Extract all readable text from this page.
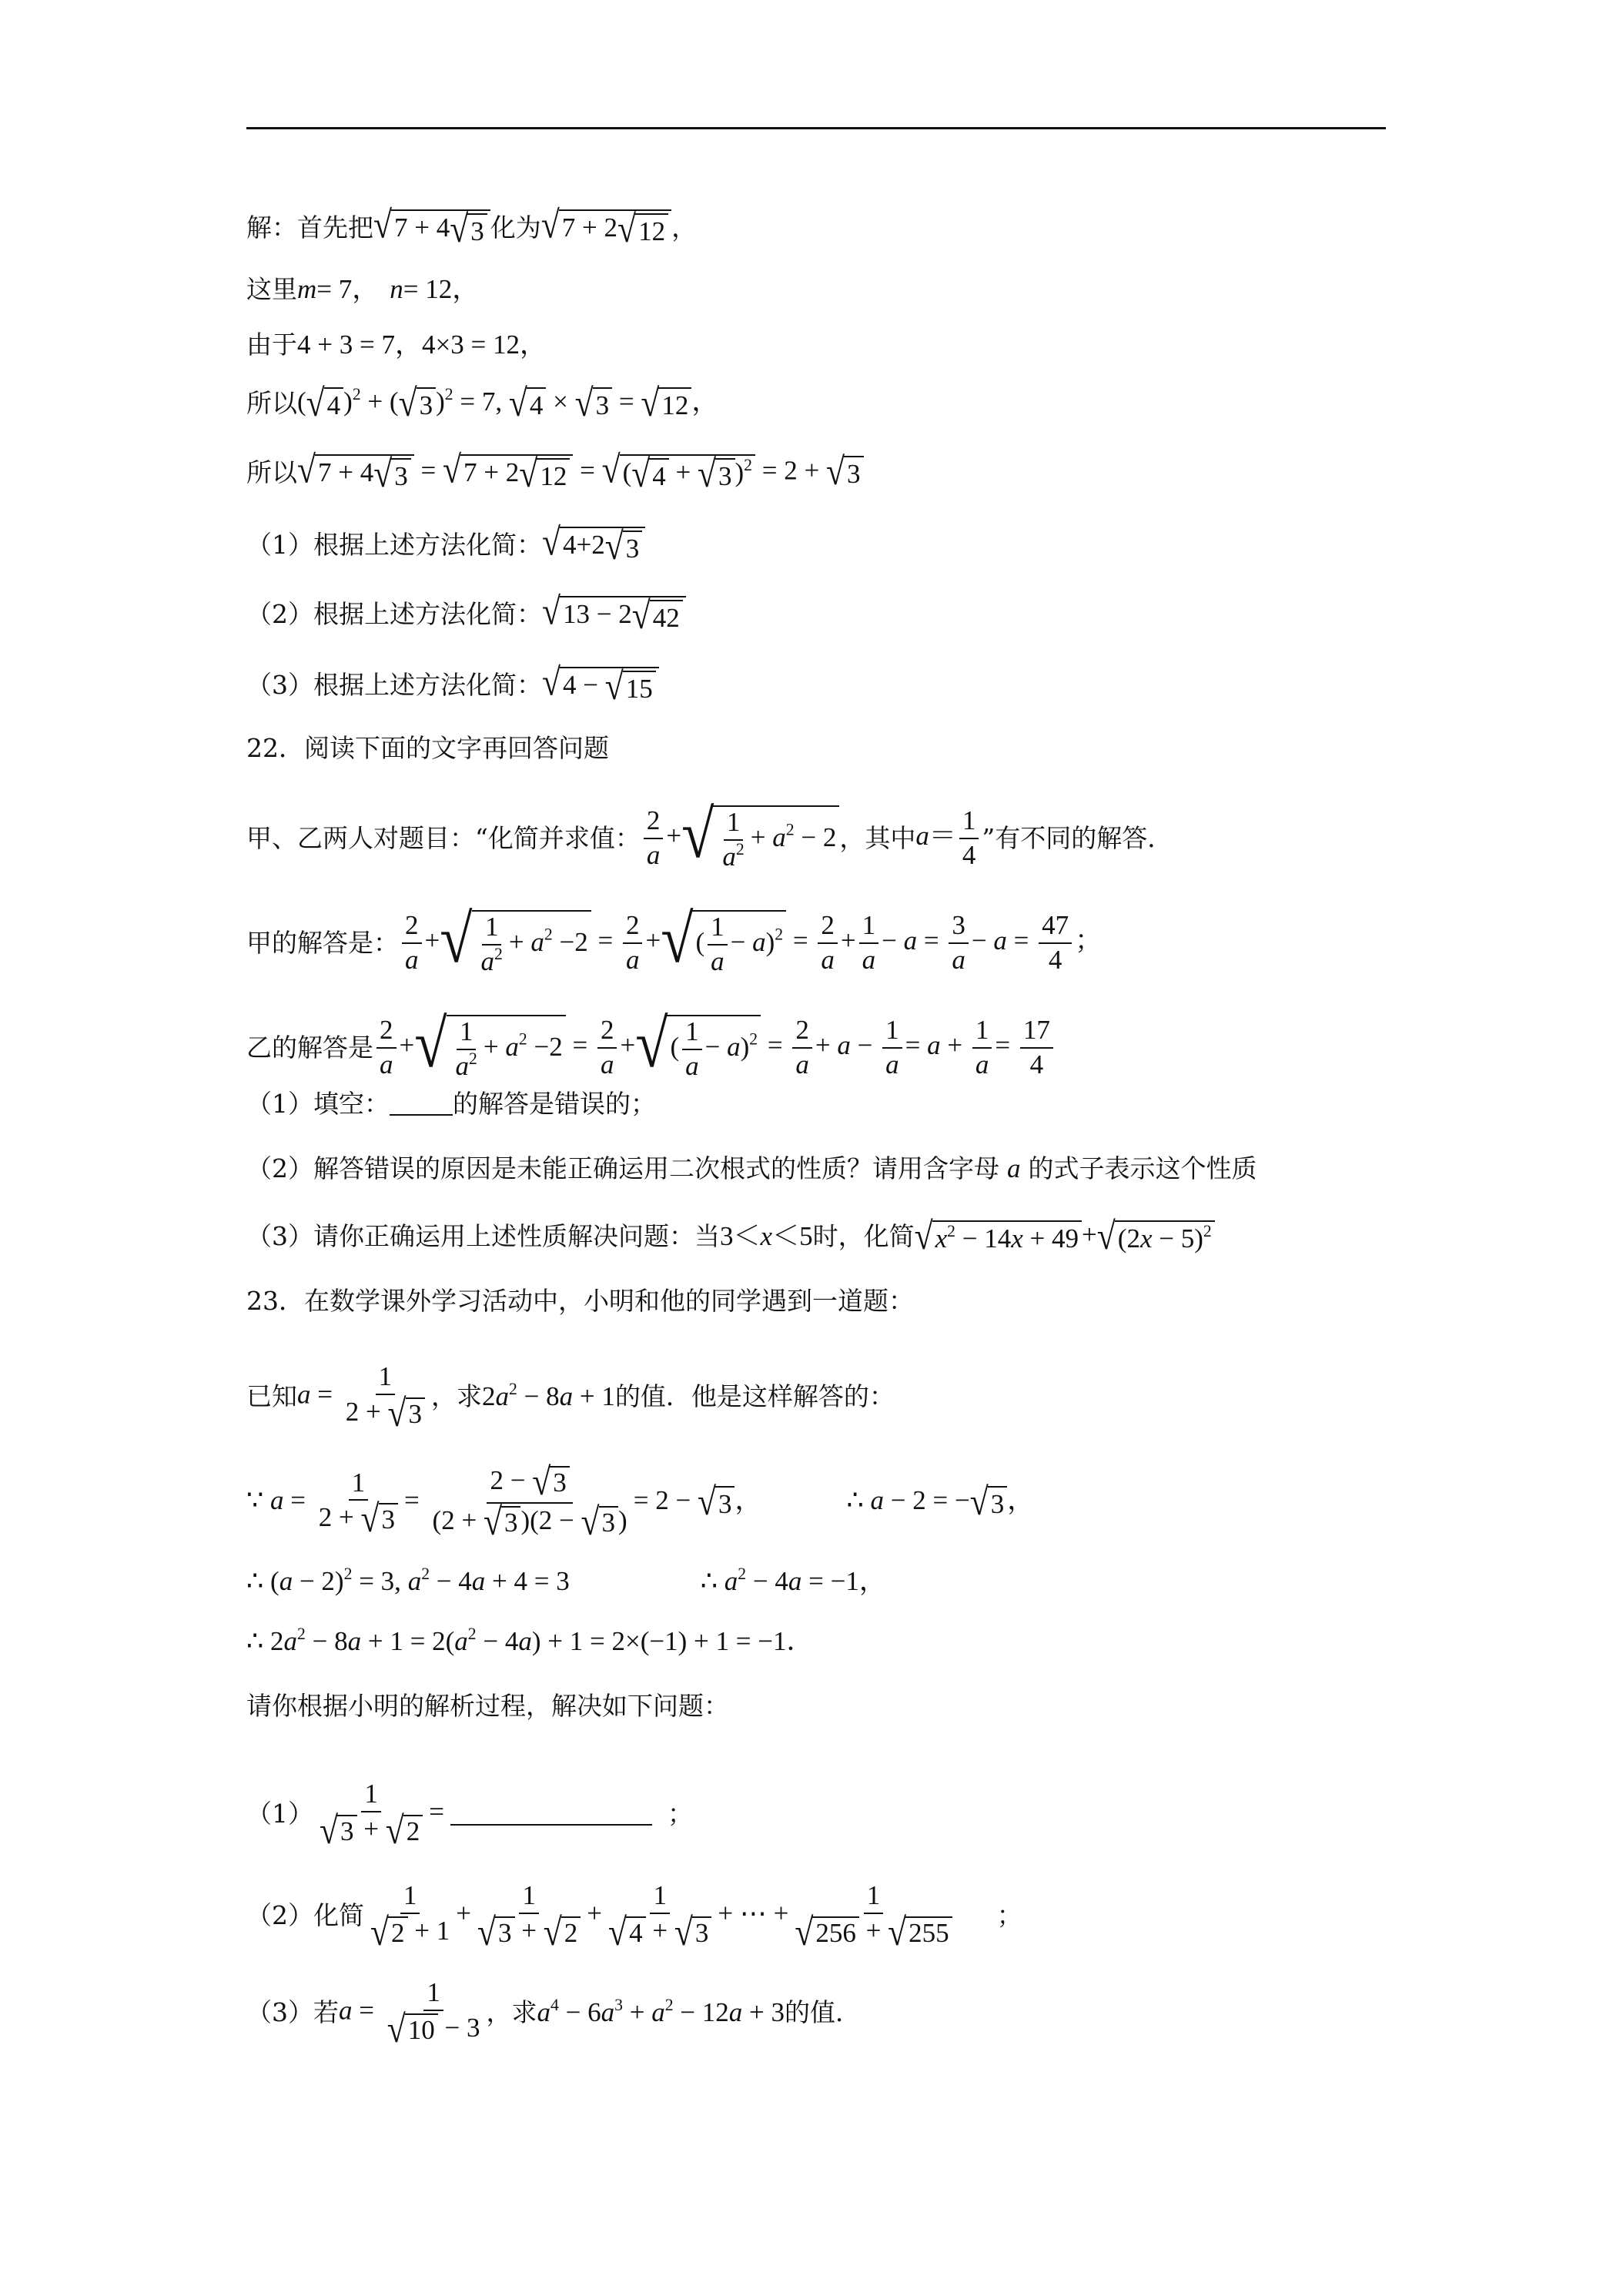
解：首先把 √ 7 + 4 √ 3 化为 √ 7 + 2 √ 12 ，
这里 m = 7， n = 12，
由于 4 + 3 = 7，4×3 = 12，
所以 ( √ 4 )$^2$ + ( √ 3 )$^2$ = 7, √ 4 × √ 3 = √ 12 ，
所以 √ 7 + 4 √ 3 = √ 7 + 2 √ 12 = √ ( √ 4 + √ 3 )$^2$ = 2 + √ 3
（1）根据上述方法化简： √ 4+2 √ 3
（2）根据上述方法化简： √ 13 − 2 √ 42
（3）根据上述方法化简： √ 4 − √ 15
22．阅读下面的文字再回答问题
甲、乙两人对题目：“化简并求值： $\frac{2}{a}$ + √ $\frac{1}{a^2} + a^2 - 2$ ，其中 $a= \frac{1}{4}$ ”有不同的解答．
甲的解答是： $\frac{2}{a}$ + √ $\frac{1}{a^2} + a^2 -2 = \frac{2}{a}$ + √ ( $\frac{1}{a} - a)^2 = \frac{2}{a} + \frac{1}{a} - a = \frac{3}{a} - a = \frac{47}{4}$ ；
乙的解答是 $\frac{2}{a}$ + √ $\frac{1}{a^2} + a^2 -2 = \frac{2}{a}$ + √ ( $\frac{1}{a} - a)^2 = \frac{2}{a} + a - \frac{1}{a} = a + \frac{1}{a} = \frac{17}{4}$
（1）填空： 的解答是错误的；
（2）解答错误的原因是未能正确运用二次根式的性质？请用含字母 a 的式子表示这个性质
（3）请你正确运用上述性质解决问题：当 3＜x＜5 时，化简 √ $x^2 - 14x + 49$ + √ $(2x - 5)^2$
23．在数学课外学习活动中，小明和他的同学遇到一道题：
已知 $a = \frac{1}{2 + √ 3}$ ，求 $2a^2 - 8a + 1$ 的值．他是这样解答的：
∵ $a = \frac{1}{2 + √ 3} = \frac{2 - √ 3}{(2 + √ 3 )(2 - √ 3 )} = 2$ − √ 3 ，	∴ a − 2 = − √ 3 ，
∴ $(a - 2)^2 = 3$, $a^2 - 4a + 4 = 3$	∴ $a^2 - 4a = -1$，
∴ $2a^2 - 8a + 1 = 2(a^2 - 4a) + 1 = 2\times(-1) + 1 = -1$．
请你根据小明的解析过程，解决如下问题：
$(1) \frac{1}{√ 3 + √ 2}$ =	；
（2）化简 $\frac{1}{√ 2 + 1} + \frac{1}{√ 3 + √ 2} + \frac{1}{√ 4 + √ 3}$ + ⋯ + $\frac{1}{√ 256 + √ 255}$ ；
（3）若 $a = \frac{1}{√ 10 - 3}$ ，求 $a^4 - 6a^3 + a^2 - 12a + 3$ 的值．
